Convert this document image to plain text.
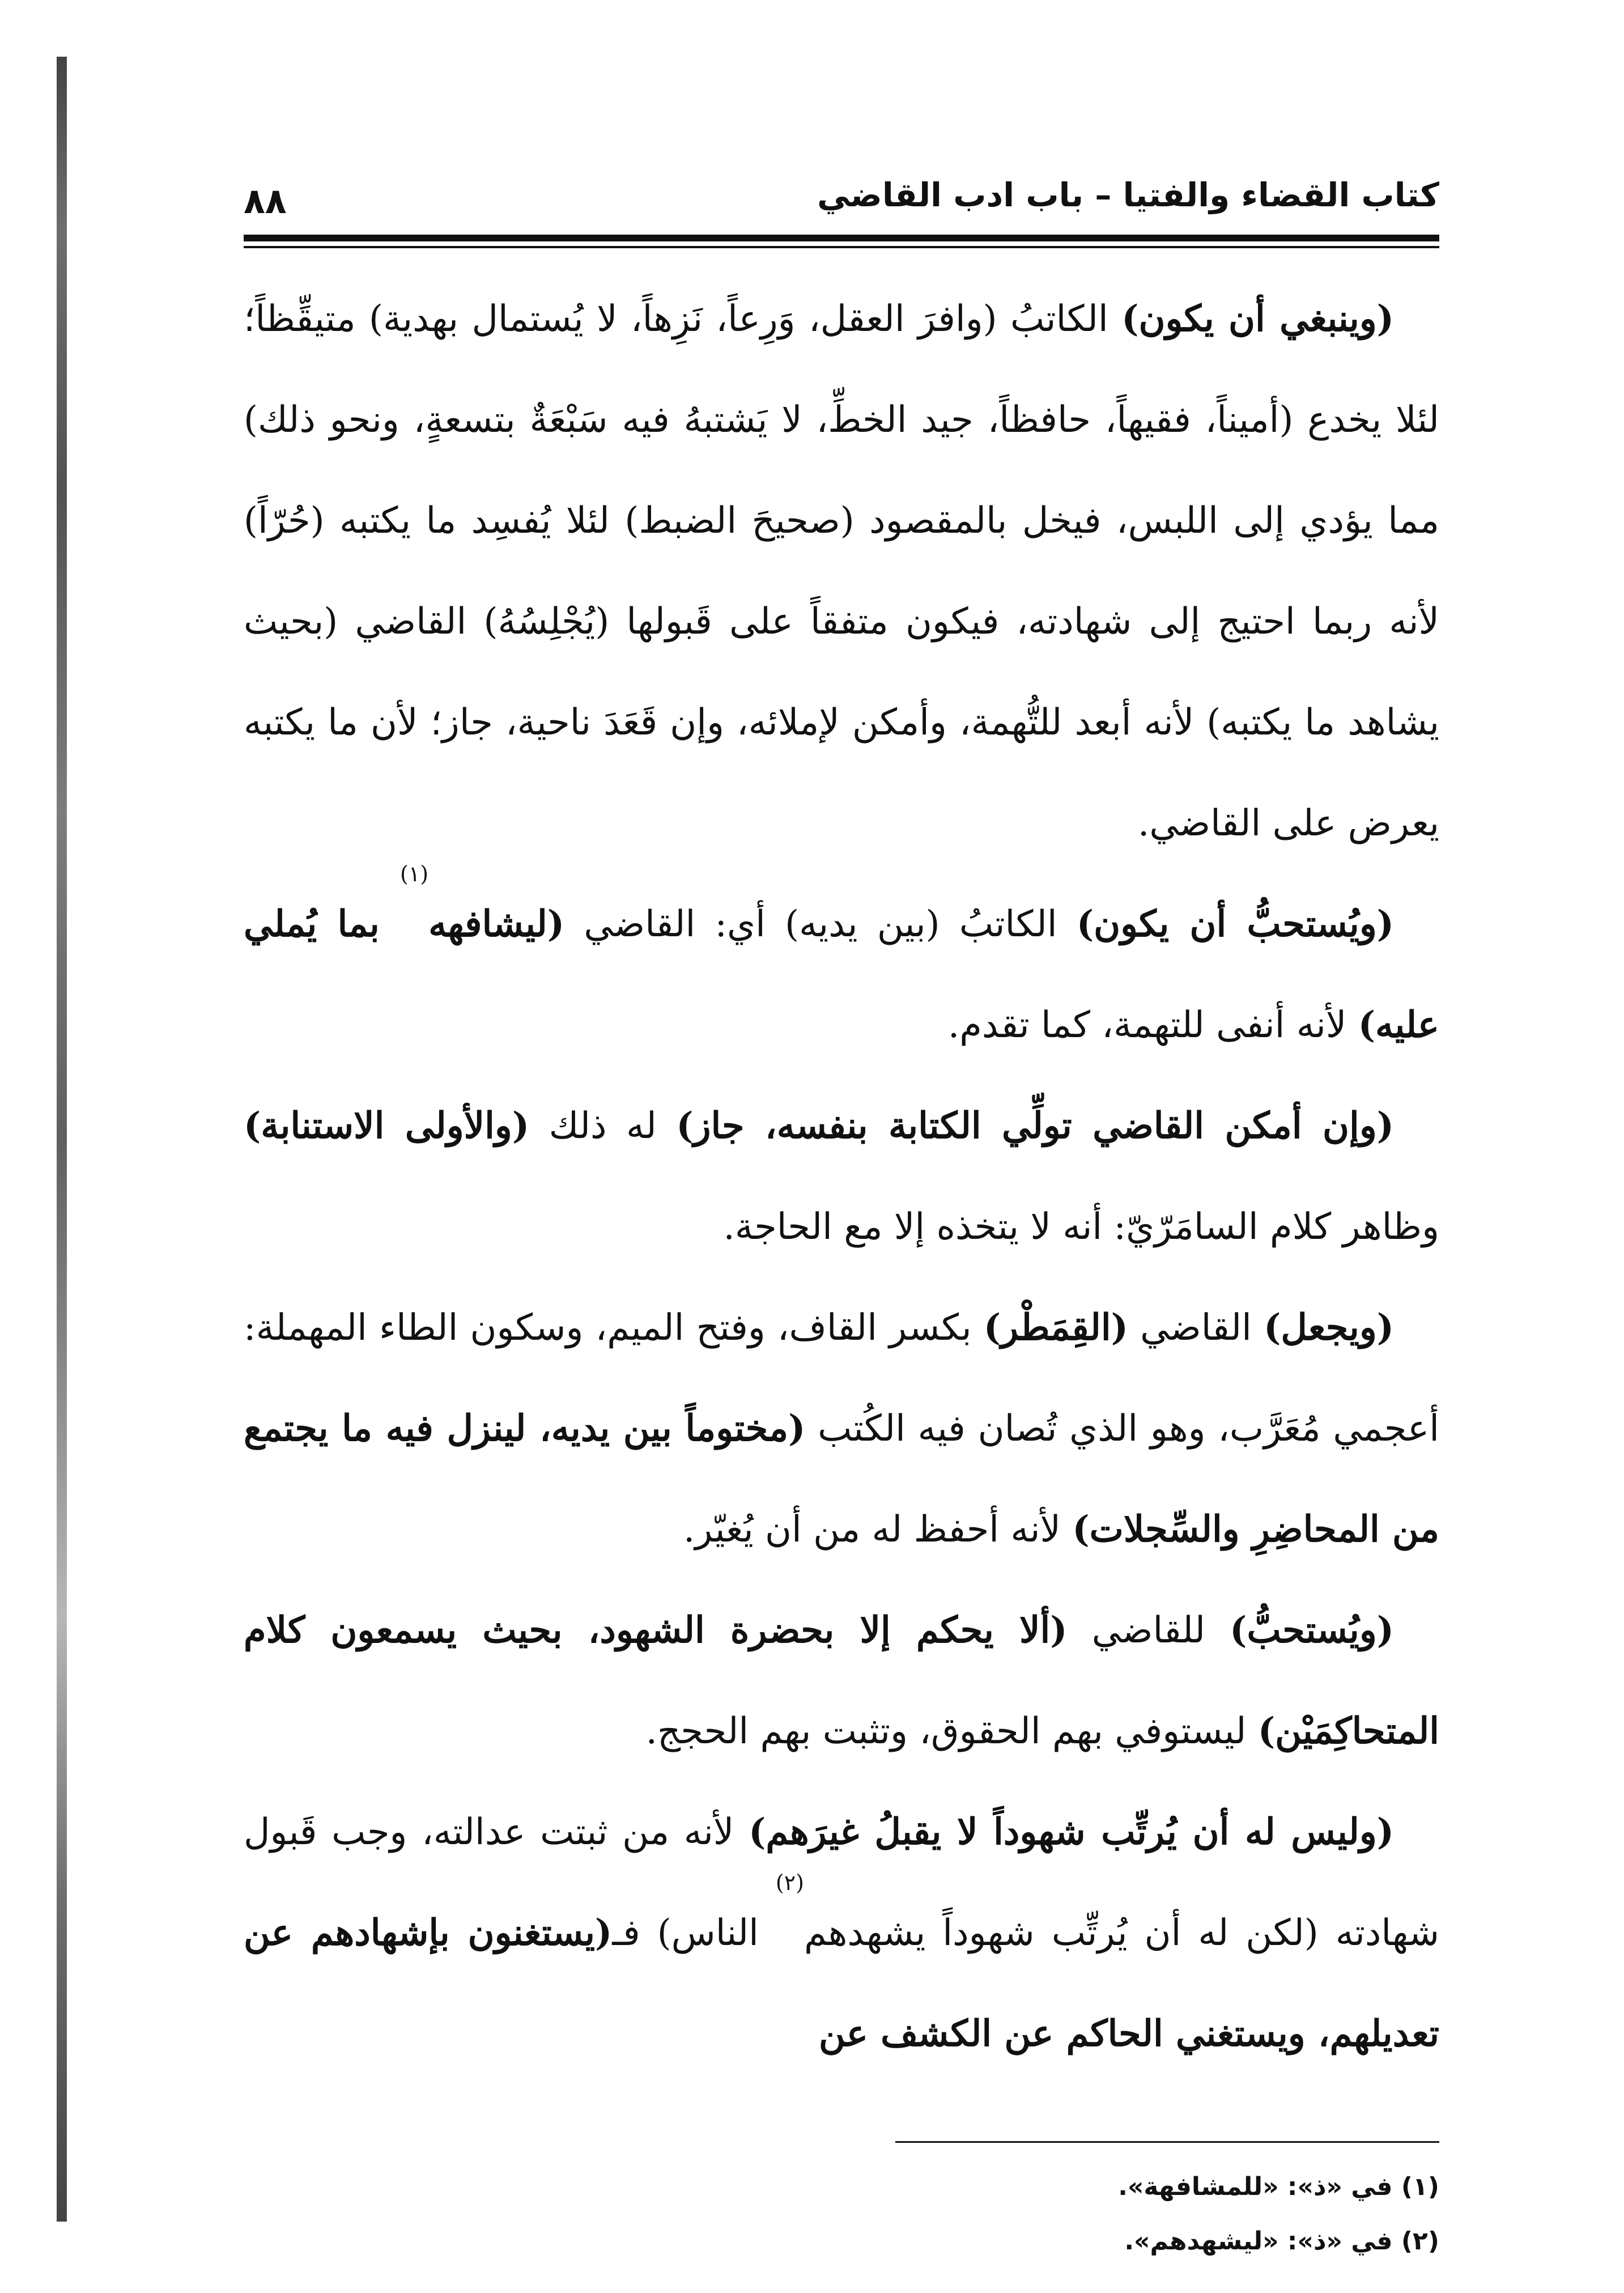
كتاب القضاء والفتيا – باب ادب القاضي
٨٨

(وينبغي أن يكون) الكاتبُ (وافرَ العقل، وَرِعاً، نَزِهاً، لا يُستمال بهدية) متيقِّظاً؛ لئلا يخدع (أميناً، فقيهاً، حافظاً، جيد الخطِّ، لا يَشتبهُ فيه سَبْعَةٌ بتسعةٍ، ونحو ذلك) مما يؤدي إلى اللبس، فيخل بالمقصود (صحيحَ الضبط) لئلا يُفسِد ما يكتبه (حُرّاً) لأنه ربما احتيج إلى شهادته، فيكون متفقاً على قَبولها (يُجْلِسُهُ) القاضي (بحيث يشاهد ما يكتبه) لأنه أبعد للتُّهمة، وأمكن لإملائه، وإن قَعَدَ ناحية، جاز؛ لأن ما يكتبه يعرض على القاضي.

(ويُستحبُّ أن يكون) الكاتبُ (بين يديه) أي: القاضي (ليشافهه$^{(١)}$ بما يُملي عليه) لأنه أنفى للتهمة، كما تقدم.

(وإن أمكن القاضي تولِّي الكتابة بنفسه، جاز) له ذلك (والأولى الاستنابة) وظاهر كلام السامَرّيّ: أنه لا يتخذه إلا مع الحاجة.

(ويجعل) القاضي (القِمَطْر) بكسر القاف، وفتح الميم، وسكون الطاء المهملة: أعجمي مُعَرَّب، وهو الذي تُصان فيه الكُتب (مختوماً بين يديه، لينزل فيه ما يجتمع من المحاضِرِ والسِّجلات) لأنه أحفظ له من أن يُغيّر.

(ويُستحبُّ) للقاضي (ألا يحكم إلا بحضرة الشهود، بحيث يسمعون كلام المتحاكِمَيْن) ليستوفي بهم الحقوق، وتثبت بهم الحجج.

(وليس له أن يُرتِّب شهوداً لا يقبلُ غيرَهم) لأنه من ثبتت عدالته، وجب قَبول شهادته (لكن له أن يُرتِّب شهوداً يشهدهم$^{(٢)}$ الناس) فـ(يستغنون بإشهادهم عن تعديلهم، ويستغني الحاكم عن الكشف عن

(١) في «ذ»: «للمشافهة».

(٢) في «ذ»: «ليشهدهم».
